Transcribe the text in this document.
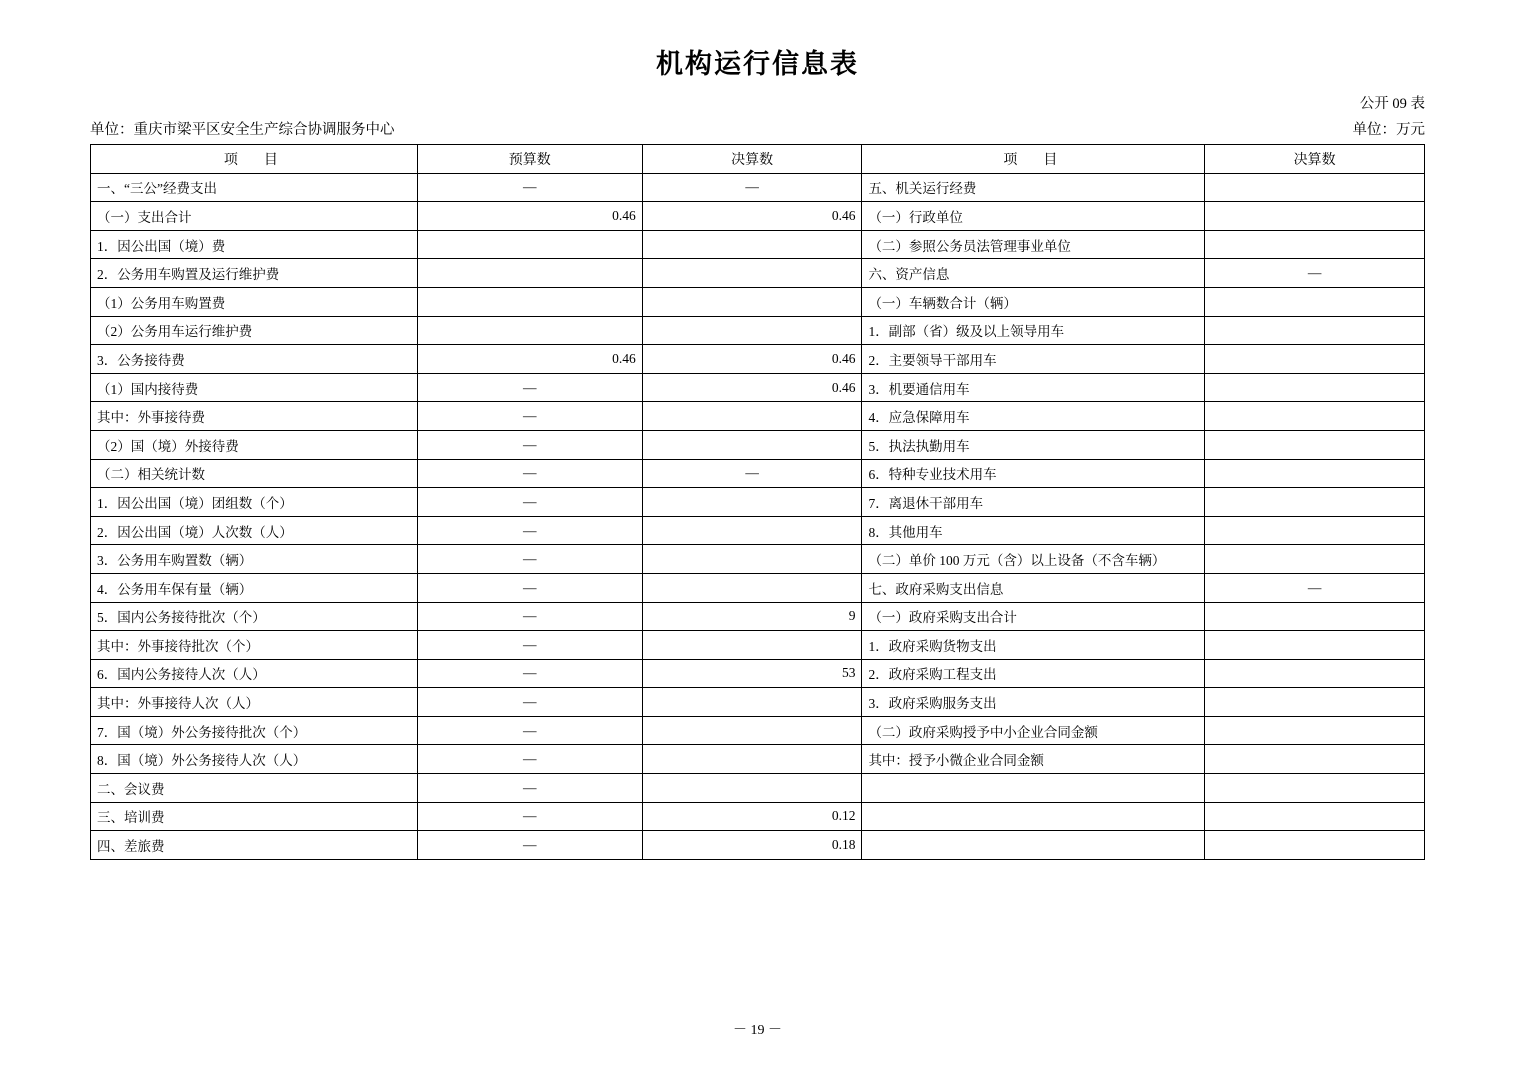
机构运行信息表
公开 09 表
单位：重庆市梁平区安全生产综合协调服务中心	单位：万元
项　目	预算数	决算数	项　目	决算数
一、“三公”经费支出	—	—	五、机关运行经费	
（一）支出合计	0.46	0.46	（一）行政单位	
1．因公出国（境）费			（二）参照公务员法管理事业单位	
2．公务用车购置及运行维护费			六、资产信息	—
（1）公务用车购置费			（一）车辆数合计（辆）	
（2）公务用车运行维护费			1．副部（省）级及以上领导用车	
3．公务接待费	0.46	0.46	2．主要领导干部用车	
（1）国内接待费	—	0.46	3．机要通信用车	
其中：外事接待费	—		4．应急保障用车	
（2）国（境）外接待费	—		5．执法执勤用车	
（二）相关统计数	—	—	6．特种专业技术用车	
1．因公出国（境）团组数（个）	—		7．离退休干部用车	
2．因公出国（境）人次数（人）	—		8．其他用车	
3．公务用车购置数（辆）	—		（二）单价 100 万元（含）以上设备（不含车辆）	
4．公务用车保有量（辆）	—		七、政府采购支出信息	—
5．国内公务接待批次（个）	—	9	（一）政府采购支出合计	
其中：外事接待批次（个）	—		1．政府采购货物支出	
6．国内公务接待人次（人）	—	53	2．政府采购工程支出	
其中：外事接待人次（人）	—		3．政府采购服务支出	
7．国（境）外公务接待批次（个）	—		（二）政府采购授予中小企业合同金额	
8．国（境）外公务接待人次（人）	—		其中：授予小微企业合同金额	
二、会议费	—			
三、培训费	—	0.12		
四、差旅费	—	0.18		
－ 19 －
